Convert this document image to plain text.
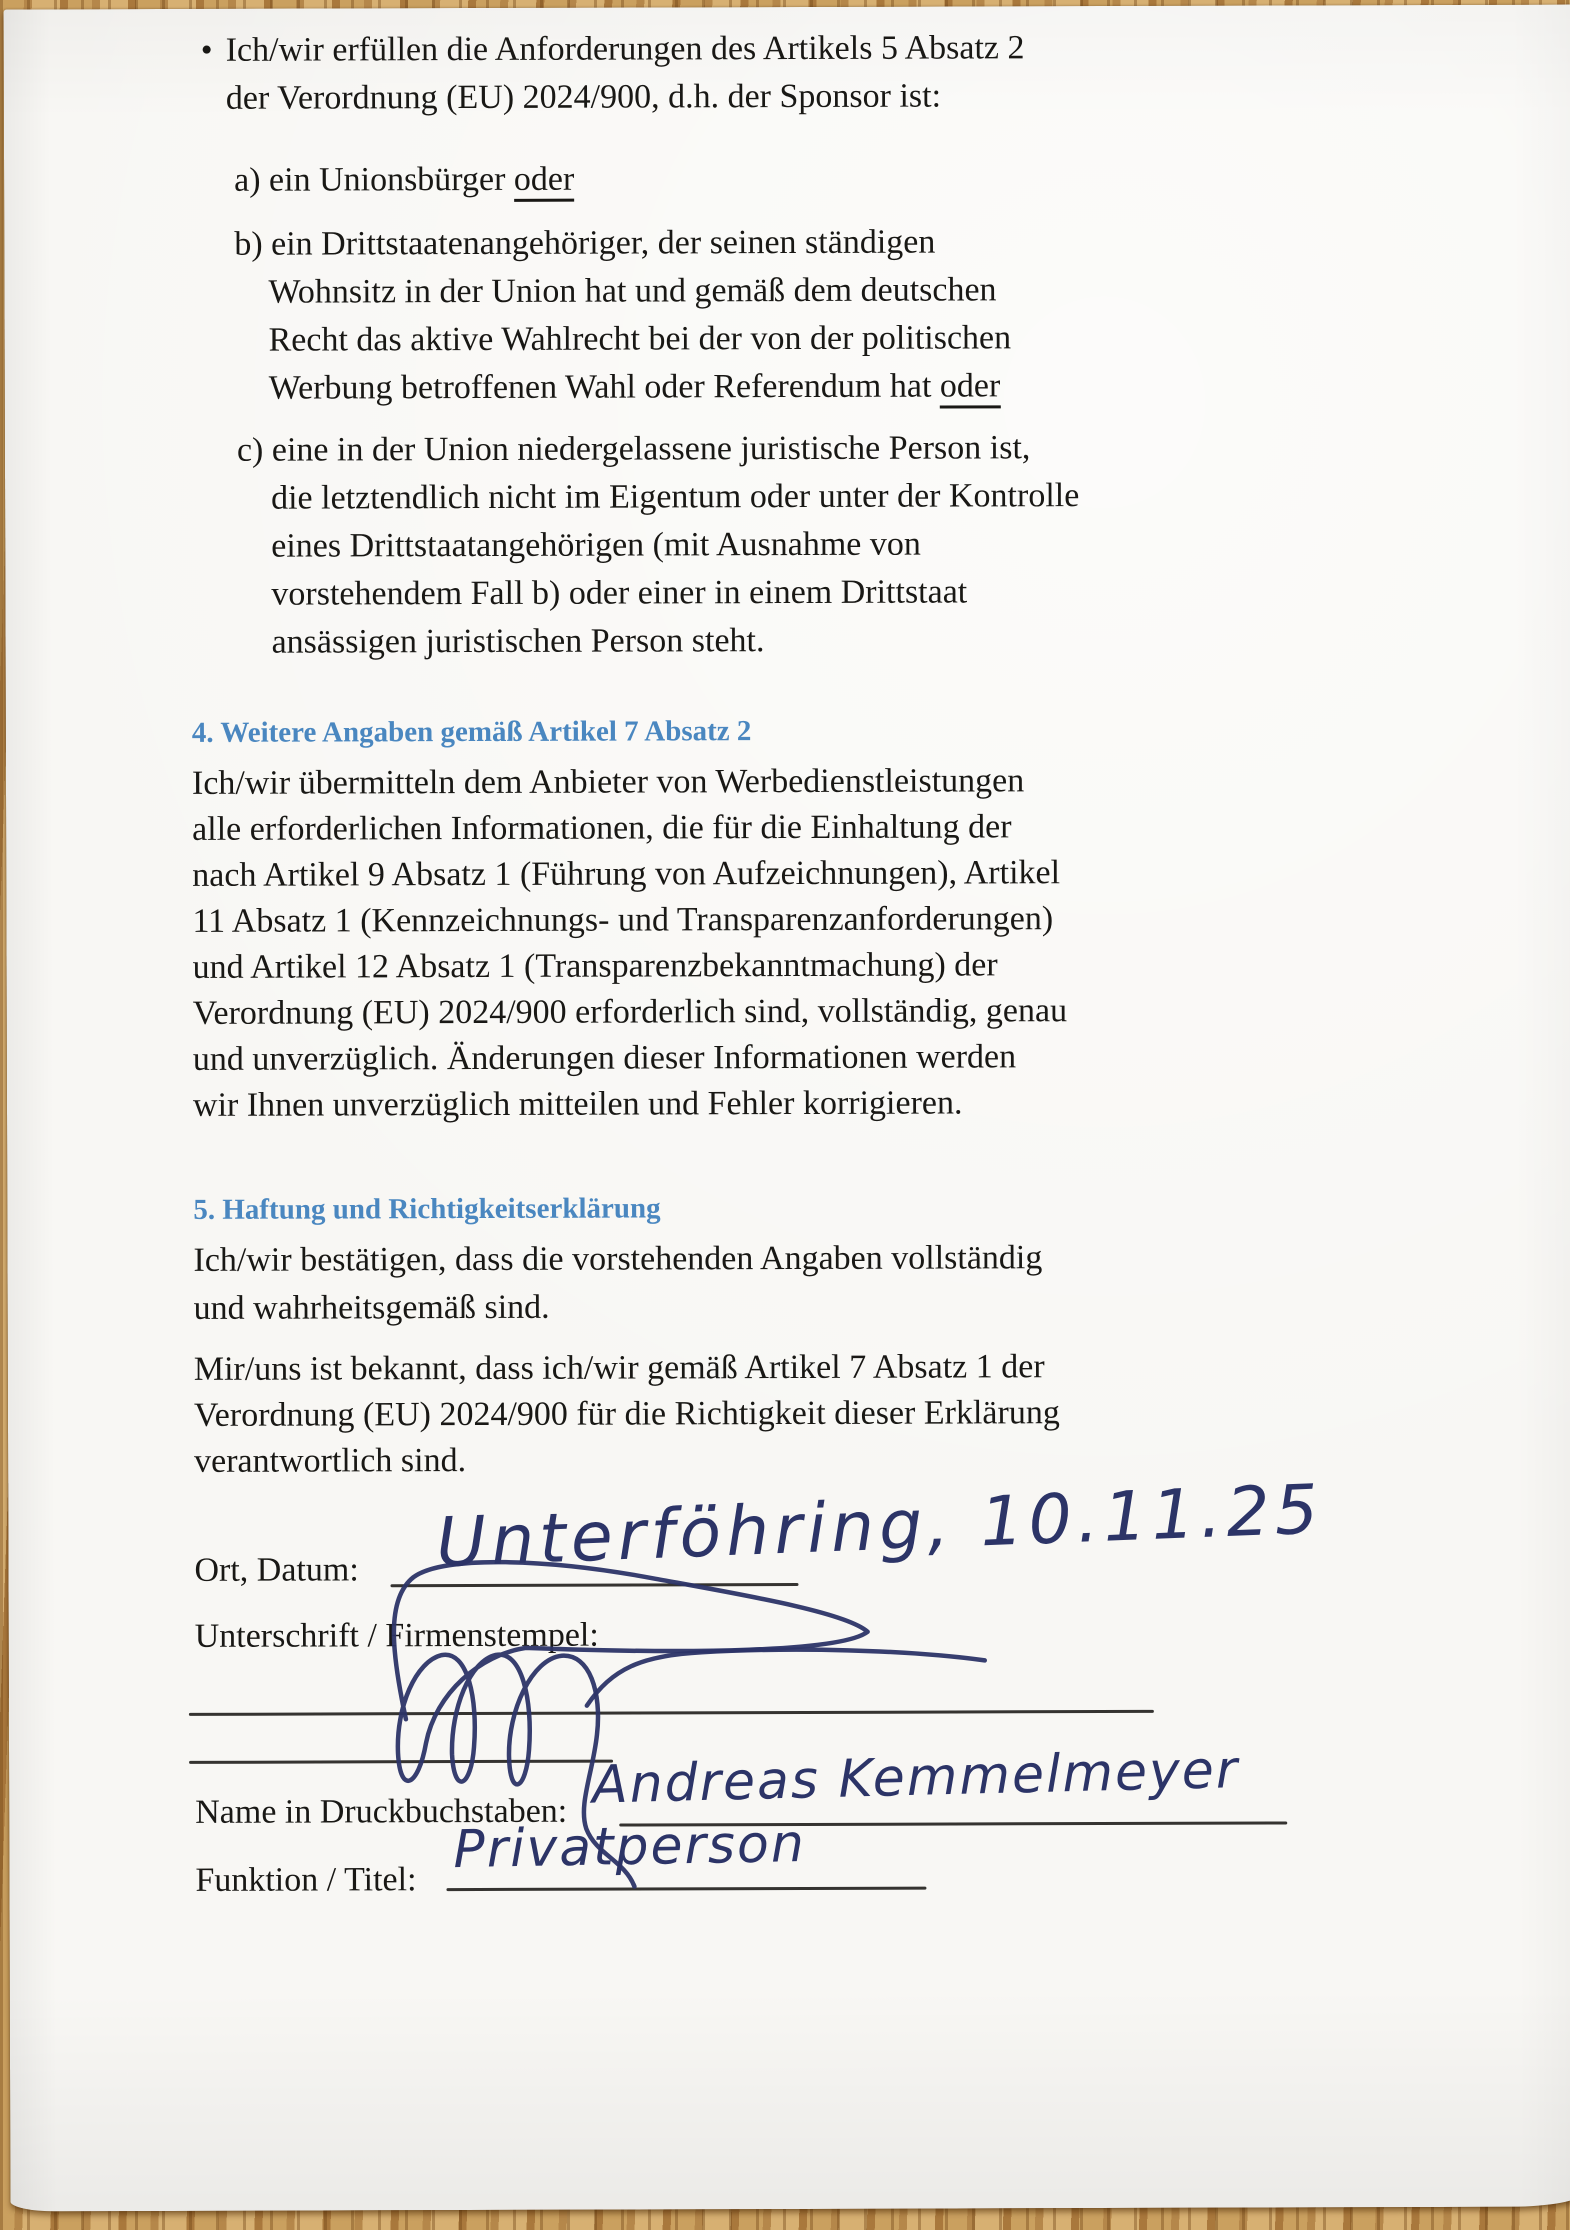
• Ich/wir erfüllen die Anforderungen des Artikels 5 Absatz 2
der Verordnung (EU) 2024/900, d.h. der Sponsor ist:
a) ein Unionsbürger oder
b) ein Drittstaatenangehöriger, der seinen ständigen
Wohnsitz in der Union hat und gemäß dem deutschen
Recht das aktive Wahlrecht bei der von der politischen
Werbung betroffenen Wahl oder Referendum hat oder
c) eine in der Union niedergelassene juristische Person ist,
die letztendlich nicht im Eigentum oder unter der Kontrolle
eines Drittstaatangehörigen (mit Ausnahme von
vorstehendem Fall b) oder einer in einem Drittstaat
ansässigen juristischen Person steht.
4. Weitere Angaben gemäß Artikel 7 Absatz 2
Ich/wir übermitteln dem Anbieter von Werbedienstleistungen
alle erforderlichen Informationen, die für die Einhaltung der
nach Artikel 9 Absatz 1 (Führung von Aufzeichnungen), Artikel
11 Absatz 1 (Kennzeichnungs- und Transparenzanforderungen)
und Artikel 12 Absatz 1 (Transparenzbekanntmachung) der
Verordnung (EU) 2024/900 erforderlich sind, vollständig, genau
und unverzüglich. Änderungen dieser Informationen werden
wir Ihnen unverzüglich mitteilen und Fehler korrigieren.
5. Haftung und Richtigkeitserklärung
Ich/wir bestätigen, dass die vorstehenden Angaben vollständig
und wahrheitsgemäß sind.
Mir/uns ist bekannt, dass ich/wir gemäß Artikel 7 Absatz 1 der
Verordnung (EU) 2024/900 für die Richtigkeit dieser Erklärung
verantwortlich sind.
Ort, Datum: Unterföhring, 10.11.25
Unterschrift / Firmenstempel:
Name in Druckbuchstaben: Andreas Kemmelmeyer
Funktion / Titel: Privatperson
